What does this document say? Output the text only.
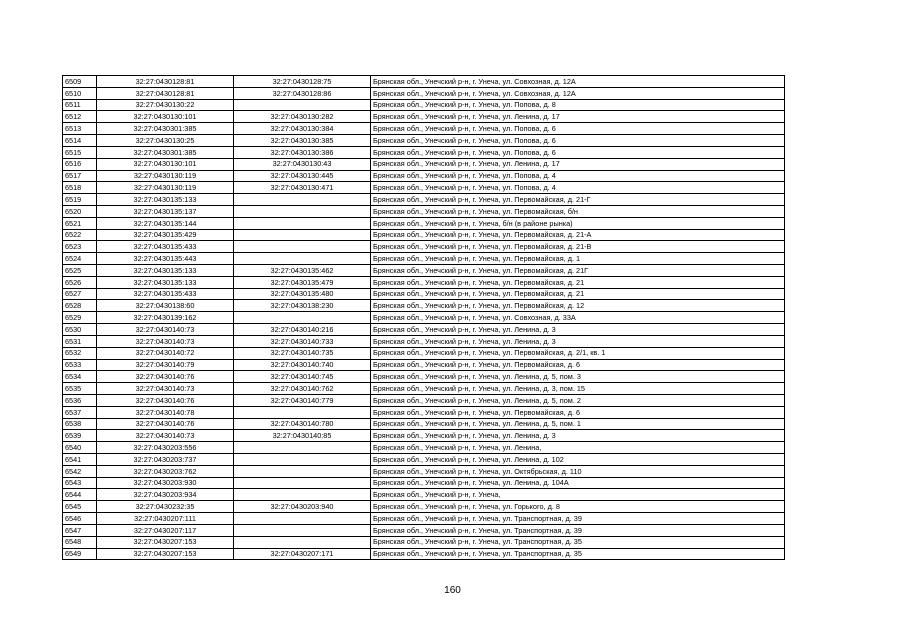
6509	32:27:0430128:81	32:27:0430128:75	Брянская обл., Унечский р-н, г. Унеча, ул. Совхозная, д. 12А
6510	32:27:0430128:81	32:27:0430128:86	Брянская обл., Унечский р-н, г. Унеча, ул. Совхозная, д. 12А
6511	32:27:0430130:22		Брянская обл., Унечский р-н, г. Унеча, ул. Попова, д. 8
6512	32:27:0430130:101	32:27:0430130:282	Брянская обл., Унечский р-н, г. Унеча, ул. Ленина, д. 17
6513	32:27:0430301:385	32:27:0430130:384	Брянская обл., Унечский р-н, г. Унеча, ул. Попова, д. 6
6514	32:27:0430130:25	32:27:0430130:385	Брянская обл., Унечский р-н, г. Унеча, ул. Попова, д. 6
6515	32:27:0430301:385	32:27:0430130:386	Брянская обл., Унечский р-н, г. Унеча, ул. Попова, д. 6
6516	32:27:0430130:101	32:27:0430130:43	Брянская обл., Унечский р-н, г. Унеча, ул. Ленина, д. 17
6517	32:27:0430130:119	32:27:0430130:445	Брянская обл., Унечский р-н, г. Унеча, ул. Попова, д. 4
6518	32:27:0430130:119	32:27:0430130:471	Брянская обл., Унечский р-н, г. Унеча, ул. Попова, д. 4
6519	32:27:0430135:133		Брянская обл., Унечский р-н, г. Унеча, ул. Первомайская, д. 21-Г
6520	32:27:0430135:137		Брянская обл., Унечский р-н, г. Унеча, ул. Первомайская, б/н
6521	32:27:0430135:144		Брянская обл., Унечский р-н, г. Унеча, б/н (в районе рынка)
6522	32:27:0430135:429		Брянская обл., Унечский р-н, г. Унеча, ул. Первомайская, д. 21-А
6523	32:27:0430135:433		Брянская обл., Унечский р-н, г. Унеча, ул. Первомайская, д. 21-В
6524	32:27:0430135:443		Брянская обл., Унечский р-н, г. Унеча, ул. Первомайская, д. 1
6525	32:27:0430135:133	32:27:0430135:462	Брянская обл., Унечский р-н, г. Унеча, ул. Первомайская, д. 21Г
6526	32:27:0430135:133	32:27:0430135:479	Брянская обл., Унечский р-н, г. Унеча, ул. Первомайская, д. 21
6527	32:27:0430135:433	32:27:0430135:480	Брянская обл., Унечский р-н, г. Унеча, ул. Первомайская, д. 21
6528	32:27:0430138:60	32:27:0430138:230	Брянская обл., Унечский р-н, г. Унеча, ул. Первомайская, д. 12
6529	32:27:0430139:162		Брянская обл., Унечский р-н, г. Унеча, ул. Совхозная, д. 33А
6530	32:27:0430140:73	32:27:0430140:216	Брянская обл., Унечский р-н, г. Унеча, ул. Ленина, д. 3
6531	32:27:0430140:73	32:27:0430140:733	Брянская обл., Унечский р-н, г. Унеча, ул. Ленина, д. 3
6532	32:27:0430140:72	32:27:0430140:735	Брянская обл., Унечский р-н, г. Унеча, ул. Первомайская, д. 2/1, кв. 1
6533	32:27:0430140:79	32:27:0430140:740	Брянская обл., Унечский р-н, г. Унеча, ул. Первомайская, д. 6
6534	32:27:0430140:76	32:27:0430140:745	Брянская обл., Унечский р-н, г. Унеча, ул. Ленина, д. 5, пом. 3
6535	32:27:0430140:73	32:27:0430140:762	Брянская обл., Унечский р-н, г. Унеча, ул. Ленина, д. 3, пом. 15
6536	32:27:0430140:76	32:27:0430140:779	Брянская обл., Унечский р-н, г. Унеча, ул. Ленина, д. 5, пом. 2
6537	32:27:0430140:78		Брянская обл., Унечский р-н, г. Унеча, ул. Первомайская, д. 6
6538	32:27:0430140:76	32:27:0430140:780	Брянская обл., Унечский р-н, г. Унеча, ул. Ленина, д. 5, пом. 1
6539	32:27:0430140:73	32:27:0430140:85	Брянская обл., Унечский р-н, г. Унеча, ул. Ленина, д. 3
6540	32:27:0430203:556		Брянская обл., Унечский р-н, г. Унеча, ул. Ленина,
6541	32:27:0430203:737		Брянская обл., Унечский р-н, г. Унеча, ул. Ленина, д. 102
6542	32:27:0430203:762		Брянская обл., Унечский р-н, г. Унеча, ул. Октябрьская, д. 110
6543	32:27:0430203:930		Брянская обл., Унечский р-н, г. Унеча, ул. Ленина, д. 104А
6544	32:27:0430203:934		Брянская обл., Унечский р-н, г. Унеча,
6545	32:27:0430232:35	32:27:0430203:940	Брянская обл., Унечский р-н, г. Унеча, ул. Горького, д. 8
6546	32:27:0430207:111		Брянская обл., Унечский р-н, г. Унеча, ул. Транспортная, д. 39
6547	32:27:0430207:117		Брянская обл., Унечский р-н, г. Унеча, ул. Транспортная, д. 39
6548	32:27:0430207:153		Брянская обл., Унечский р-н, г. Унеча, ул. Транспортная, д. 35
6549	32:27:0430207:153	32:27:0430207:171	Брянская обл., Унечский р-н, г. Унеча, ул. Транспортная, д. 35
160
